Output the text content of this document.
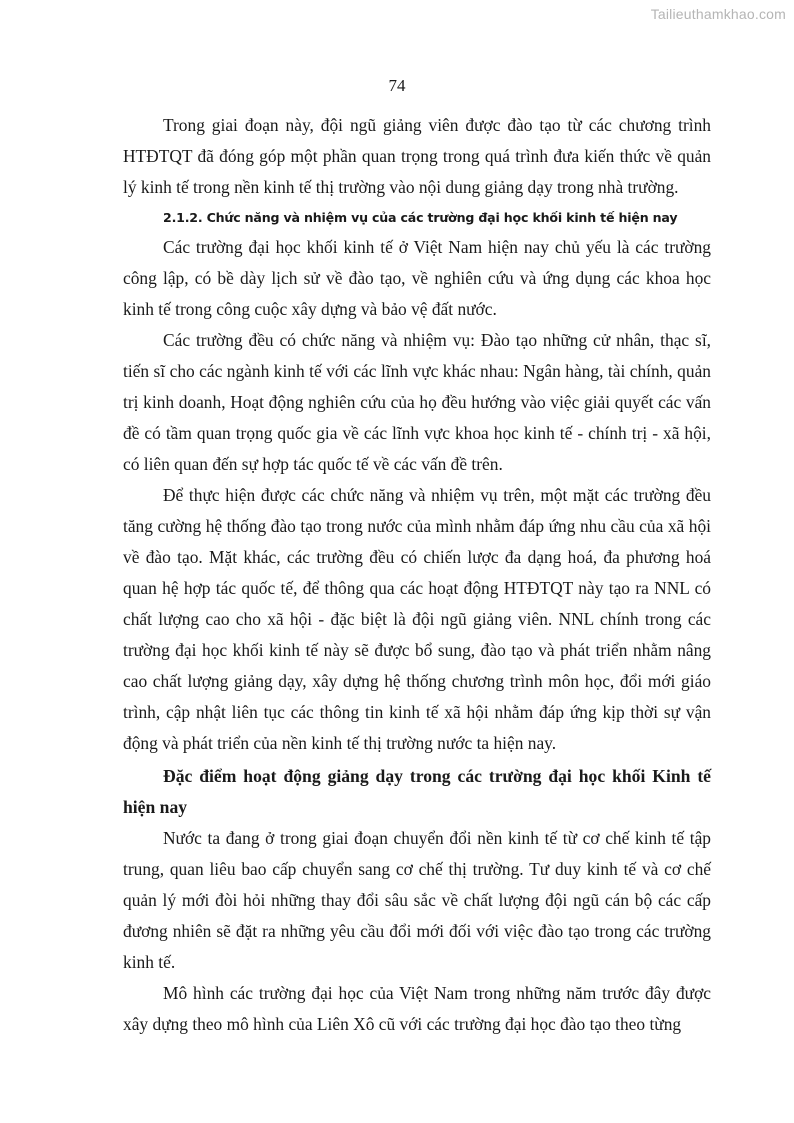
Tailieuthamkhao.com
74

Trong giai đoạn này, đội ngũ giảng viên được đào tạo từ các chương trình HTĐTQT đã đóng góp một phần quan trọng trong quá trình đưa kiến thức về quản lý kinh tế trong nền kinh tế thị trường vào nội dung giảng dạy trong nhà trường.

2.1.2. Chức năng và nhiệm vụ của các trường đại học khối kinh tế hiện nay

Các trường đại học khối kinh tế ở Việt Nam hiện nay chủ yếu là các trường công lập, có bề dày lịch sử về đào tạo, về nghiên cứu và ứng dụng các khoa học kinh tế trong công cuộc xây dựng và bảo vệ đất nước.

Các trường đều có chức năng và nhiệm vụ: Đào tạo những cử nhân, thạc sĩ, tiến sĩ cho các ngành kinh tế với các lĩnh vực khác nhau: Ngân hàng, tài chính, quản trị kinh doanh, Hoạt động nghiên cứu của họ đều hướng vào việc giải quyết các vấn đề có tầm quan trọng quốc gia về các lĩnh vực khoa học kinh tế - chính trị - xã hội, có liên quan đến sự hợp tác quốc tế về các vấn đề trên.

Để thực hiện được các chức năng và nhiệm vụ trên, một mặt các trường đều tăng cường hệ thống đào tạo trong nước của mình nhằm đáp ứng nhu cầu của xã hội về đào tạo. Mặt khác, các trường đều có chiến lược đa dạng hoá, đa phương hoá quan hệ hợp tác quốc tế, để thông qua các hoạt động HTĐTQT này tạo ra NNL có chất lượng cao cho xã hội - đặc biệt là đội ngũ giảng viên. NNL chính trong các trường đại học khối kinh tế này sẽ được bổ sung, đào tạo và phát triển nhằm nâng cao chất lượng giảng dạy, xây dựng hệ thống chương trình môn học, đổi mới giáo trình, cập nhật liên tục các thông tin kinh tế xã hội nhằm đáp ứng kịp thời sự vận động và phát triển của nền kinh tế thị trường nước ta hiện nay.

Đặc điểm hoạt động giảng dạy trong các trường đại học khối Kinh tế hiện nay

Nước ta đang ở trong giai đoạn chuyển đổi nền kinh tế từ cơ chế kinh tế tập trung, quan liêu bao cấp chuyển sang cơ chế thị trường. Tư duy kinh tế và cơ chế quản lý mới đòi hỏi những thay đổi sâu sắc về chất lượng đội ngũ cán bộ các cấp đương nhiên sẽ đặt ra những yêu cầu đổi mới đối với việc đào tạo trong các trường kinh tế.

Mô hình các trường đại học của Việt Nam trong những năm trước đây được xây dựng theo mô hình của Liên Xô cũ với các trường đại học đào tạo theo từng
